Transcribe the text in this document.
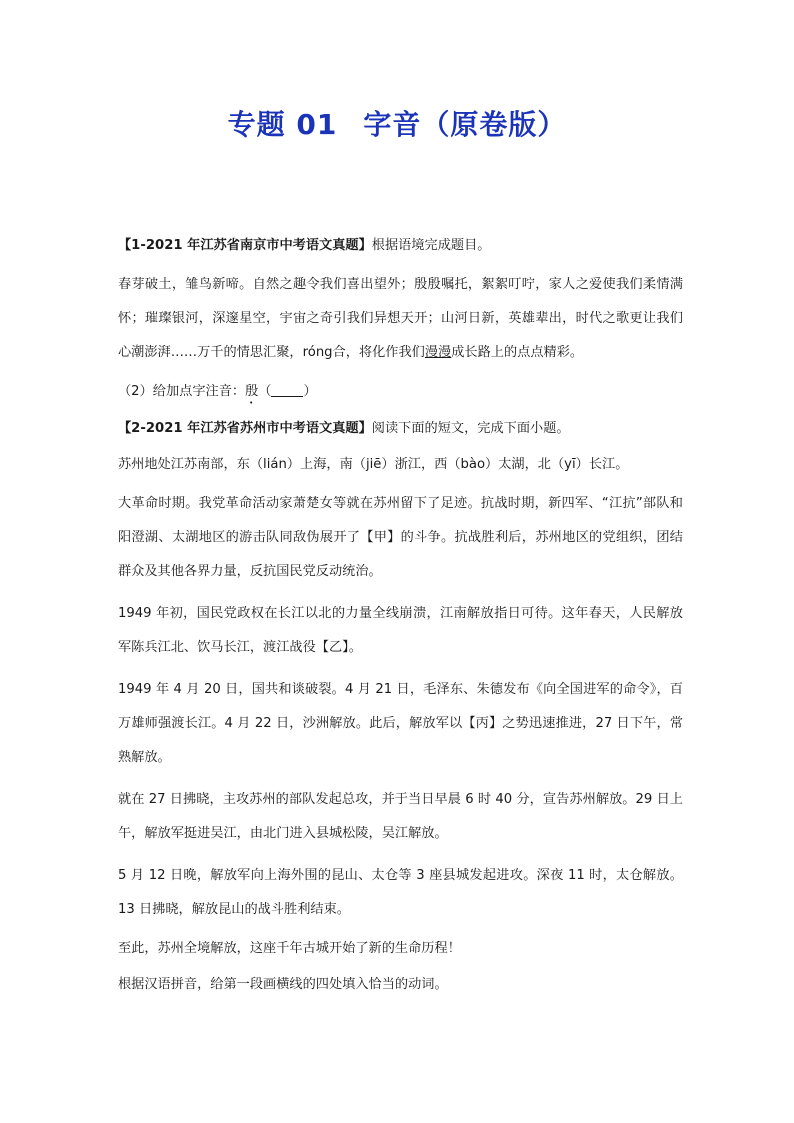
专题 01 字音（原卷版）

【1-2021 年江苏省南京市中考语文真题】根据语境完成题目。

春芽破土，雏鸟新啼。自然之趣令我们喜出望外；殷殷嘱托，絮絮叮咛，家人之爱使我们柔情满怀；璀璨银河，深邃星空，宇宙之奇引我们异想天开；山河日新，英雄辈出，时代之歌更让我们心潮澎湃……万千的情思汇聚，róng合，将化作我们漫漫成长路上的点点精彩。

（2）给加点字注音：殷（ ）

【2-2021 年江苏省苏州市中考语文真题】阅读下面的短文，完成下面小题。

苏州地处江苏南部，东（lián）上海，南（jiē）浙江，西（bào）太湖，北（yī）长江。

大革命时期。我党革命活动家萧楚女等就在苏州留下了足迹。抗战时期，新四军、“江抗”部队和阳澄湖、太湖地区的游击队同敌伪展开了【甲】的斗争。抗战胜利后，苏州地区的党组织，团结群众及其他各界力量，反抗国民党反动统治。

1949 年初，国民党政权在长江以北的力量全线崩溃，江南解放指日可待。这年春天，人民解放军陈兵江北、饮马长江，渡江战役【乙】。

1949 年 4 月 20 日，国共和谈破裂。4 月 21 日，毛泽东、朱德发布《向全国进军的命令》，百万雄师强渡长江。4 月 22 日，沙洲解放。此后，解放军以【丙】之势迅速推进，27 日下午，常熟解放。

就在 27 日拂晓，主攻苏州的部队发起总攻，并于当日早晨 6 时 40 分，宣告苏州解放。29 日上午，解放军挺进吴江，由北门进入县城松陵，吴江解放。

5 月 12 日晚，解放军向上海外围的昆山、太仓等 3 座县城发起进攻。深夜 11 时，太仓解放。13 日拂晓，解放昆山的战斗胜利结束。

至此，苏州全境解放，这座千年古城开始了新的生命历程！

根据汉语拼音，给第一段画横线的四处填入恰当的动词。
